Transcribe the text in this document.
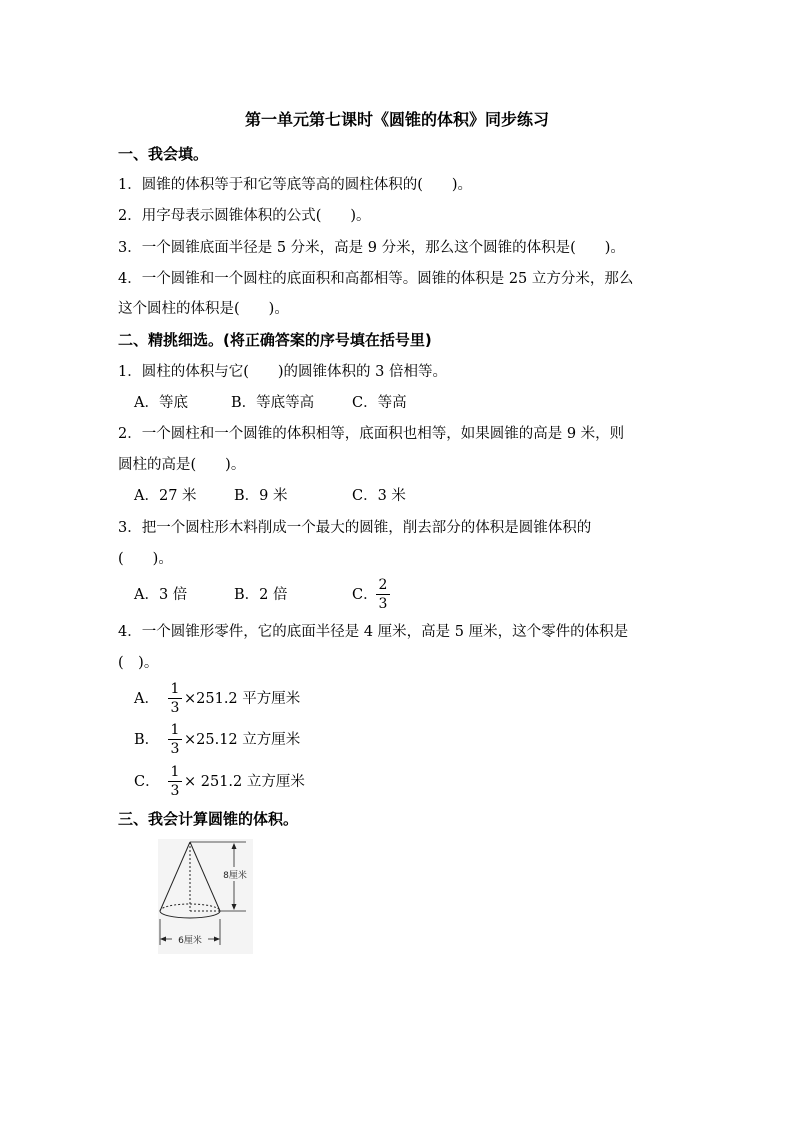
第一单元第七课时《圆锥的体积》同步练习
一、我会填。
1．圆锥的体积等于和它等底等高的圆柱体积的(　　)。
2．用字母表示圆锥体积的公式(　　)。
3．一个圆锥底面半径是 5 分米，高是 9 分米，那么这个圆锥的体积是(　　)。
4．一个圆锥和一个圆柱的底面积和高都相等。圆锥的体积是 25 立方分米，那么
这个圆柱的体积是(　　)。
二、精挑细选。(将正确答案的序号填在括号里)
1．圆柱的体积与它(　　)的圆锥体积的 3 倍相等。
A．等底	B．等底等高	C．等高
2．一个圆柱和一个圆锥的体积相等，底面积也相等，如果圆锥的高是 9 米，则
圆柱的高是(　　)。
A．27 米	B．9 米	C．3 米
3．把一个圆柱形木料削成一个最大的圆锥，削去部分的体积是圆锥体积的
(　　)。
A．3 倍	B．2 倍	C．
2
3
4．一个圆锥形零件，它的底面半径是 4 厘米，高是 5 厘米，这个零件的体积是
(　)。
A．
1
3
×251.2 平方厘米
B．
1
3
×25.12 立方厘米
C．
1
3
× 251.2 立方厘米
三、我会计算圆锥的体积。
8厘米
6厘米
